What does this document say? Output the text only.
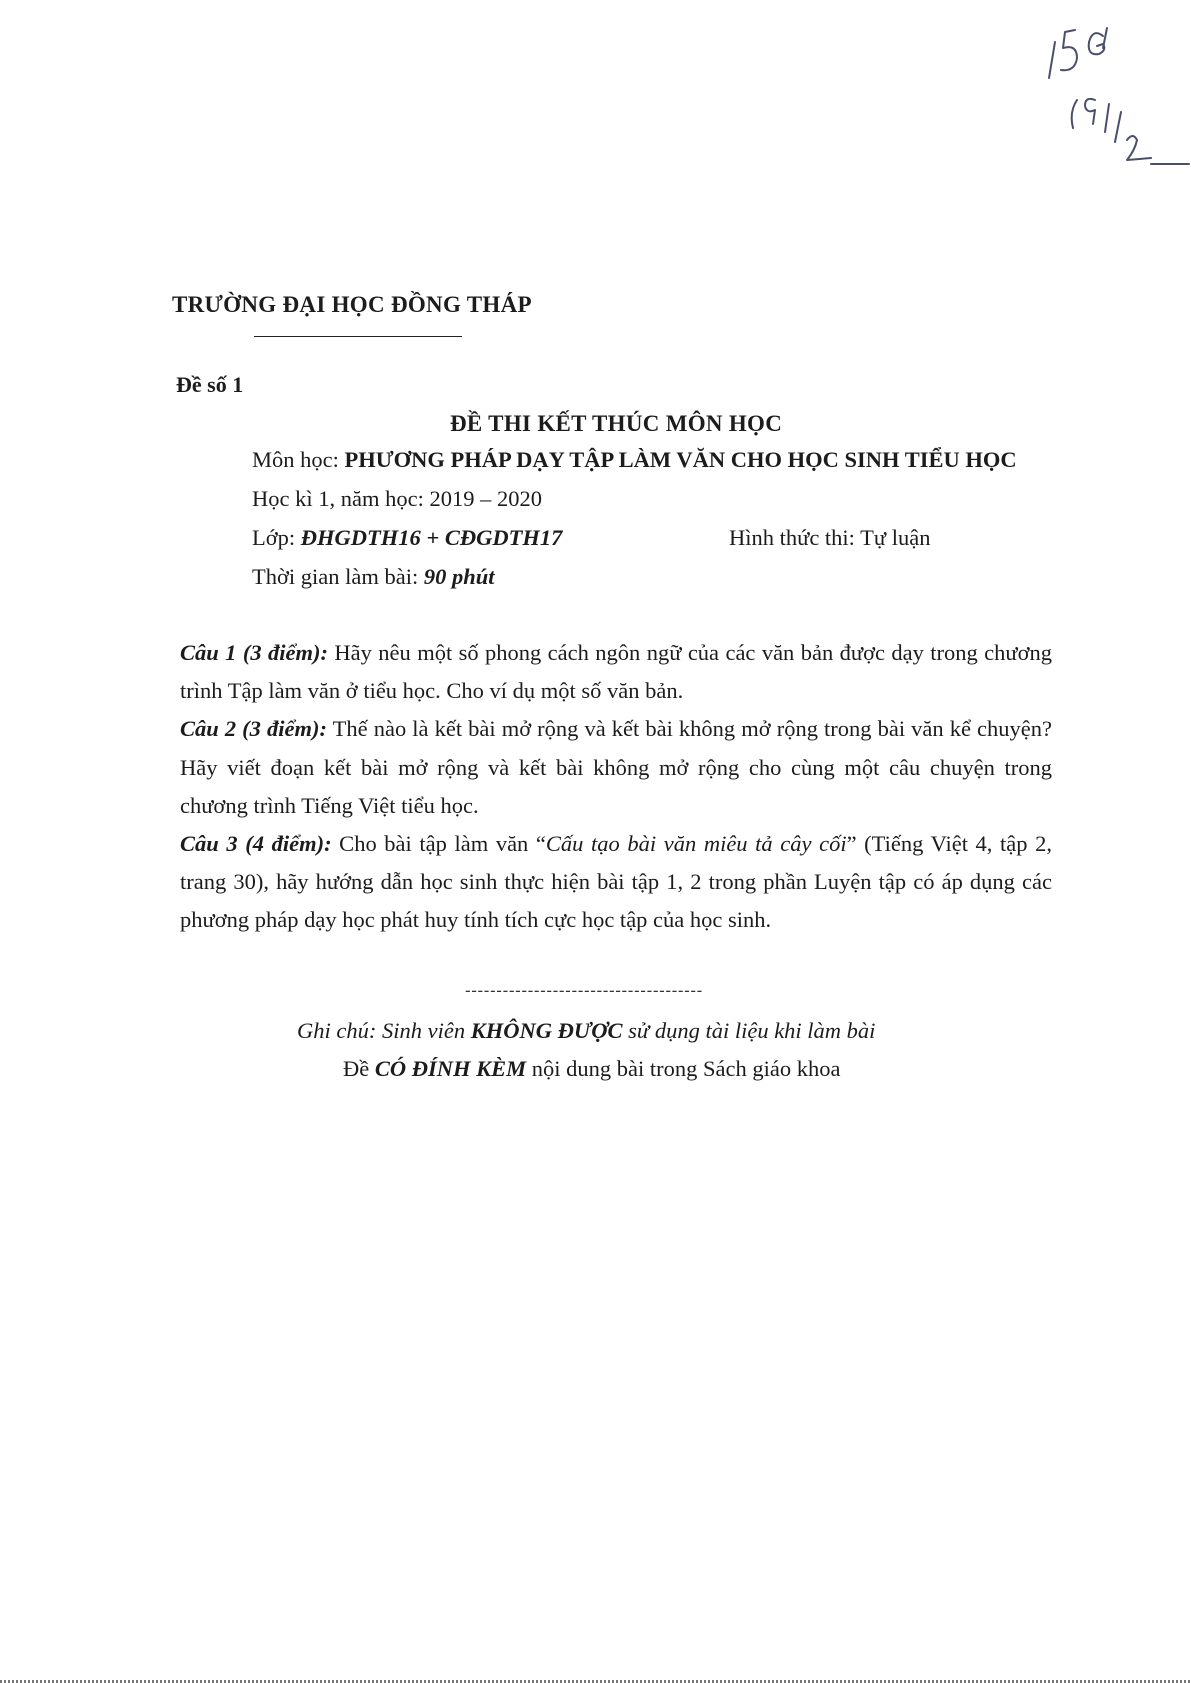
TRƯỜNG ĐẠI HỌC ĐỒNG THÁP
Đề số 1
ĐỀ THI KẾT THÚC MÔN HỌC
Môn học: PHƯƠNG PHÁP DẠY TẬP LÀM VĂN CHO HỌC SINH TIỂU HỌC
Học kì 1, năm học: 2019 – 2020
Lớp: ĐHGDTH16 + CĐGDTH17	Hình thức thi: Tự luận
Thời gian làm bài: 90 phút

Câu 1 (3 điểm): Hãy nêu một số phong cách ngôn ngữ của các văn bản được dạy trong chương trình Tập làm văn ở tiểu học. Cho ví dụ một số văn bản.

Câu 2 (3 điểm): Thế nào là kết bài mở rộng và kết bài không mở rộng trong bài văn kể chuyện? Hãy viết đoạn kết bài mở rộng và kết bài không mở rộng cho cùng một câu chuyện trong chương trình Tiếng Việt tiểu học.

Câu 3 (4 điểm): Cho bài tập làm văn “Cấu tạo bài văn miêu tả cây cối” (Tiếng Việt 4, tập 2, trang 30), hãy hướng dẫn học sinh thực hiện bài tập 1, 2 trong phần Luyện tập có áp dụng các phương pháp dạy học phát huy tính tích cực học tập của học sinh.

--------------------------------------
Ghi chú: Sinh viên KHÔNG ĐƯỢC sử dụng tài liệu khi làm bài
Đề CÓ ĐÍNH KÈM nội dung bài trong Sách giáo khoa
